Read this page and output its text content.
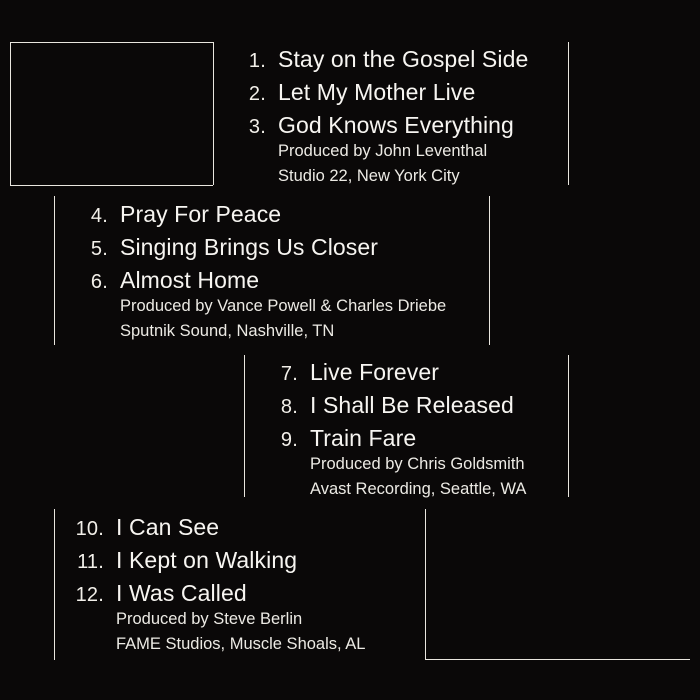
1. Stay on the Gospel Side
2. Let My Mother Live
3. God Knows Everything
Produced by John Leventhal
Studio 22, New York City
4. Pray For Peace
5. Singing Brings Us Closer
6. Almost Home
Produced by Vance Powell & Charles Driebe
Sputnik Sound, Nashville, TN
7. Live Forever
8. I Shall Be Released
9. Train Fare
Produced by Chris Goldsmith
Avast Recording, Seattle, WA
10. I Can See
11. I Kept on Walking
12. I Was Called
Produced by Steve Berlin
FAME Studios, Muscle Shoals, AL
